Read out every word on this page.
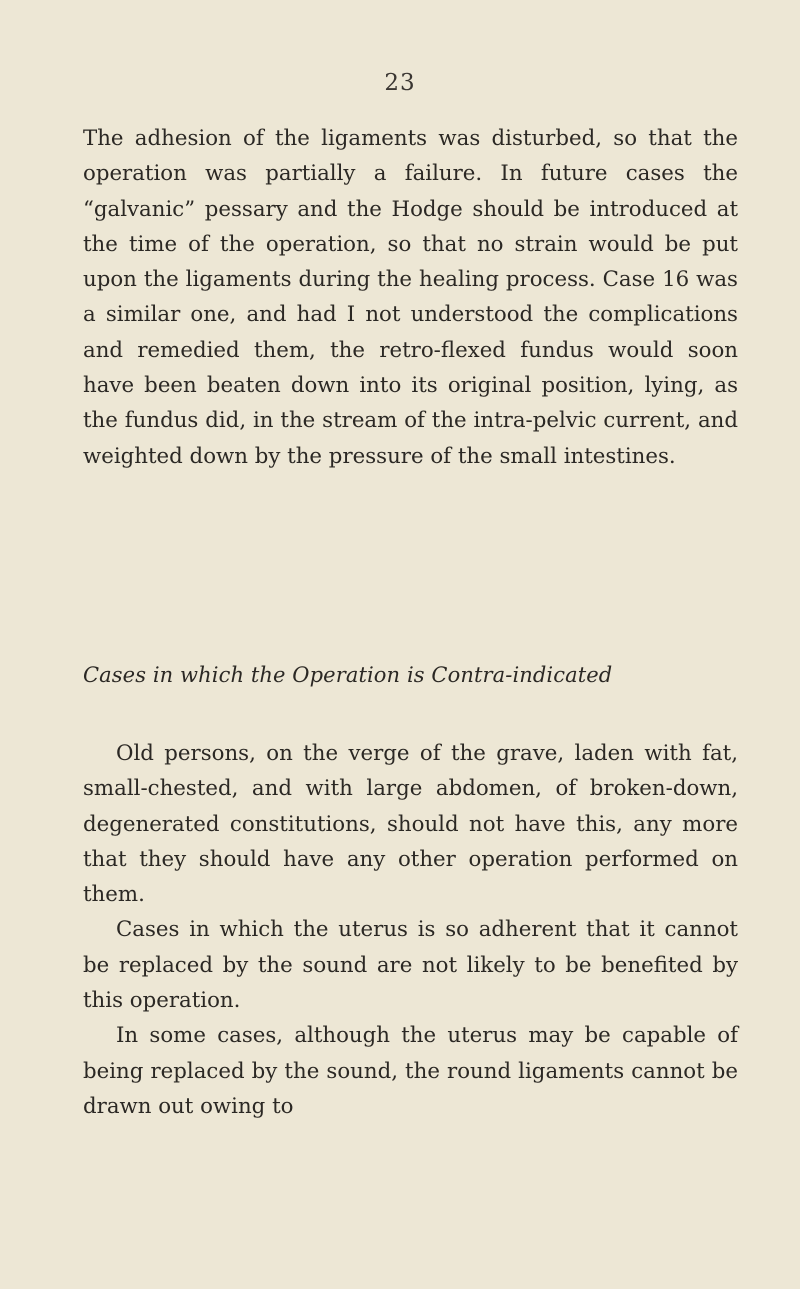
23

The adhesion of the ligaments was disturbed, so that the operation was partially a failure. In future cases the “galvanic” pessary and the Hodge should be introduced at the time of the operation, so that no strain would be put upon the ligaments during the healing process. Case 16 was a similar one, and had I not understood the complications and remedied them, the retro-flexed fundus would soon have been beaten down into its original position, lying, as the fundus did, in the stream of the intra-pelvic current, and weighted down by the pressure of the small intestines.

Cases in which the Operation is Contra-indicated

Old persons, on the verge of the grave, laden with fat, small-chested, and with large abdomen, of broken-down, degenerated constitutions, should not have this, any more that they should have any other operation performed on them.

Cases in which the uterus is so adherent that it cannot be replaced by the sound are not likely to be benefited by this operation.

In some cases, although the uterus may be capable of being replaced by the sound, the round ligaments cannot be drawn out owing to
